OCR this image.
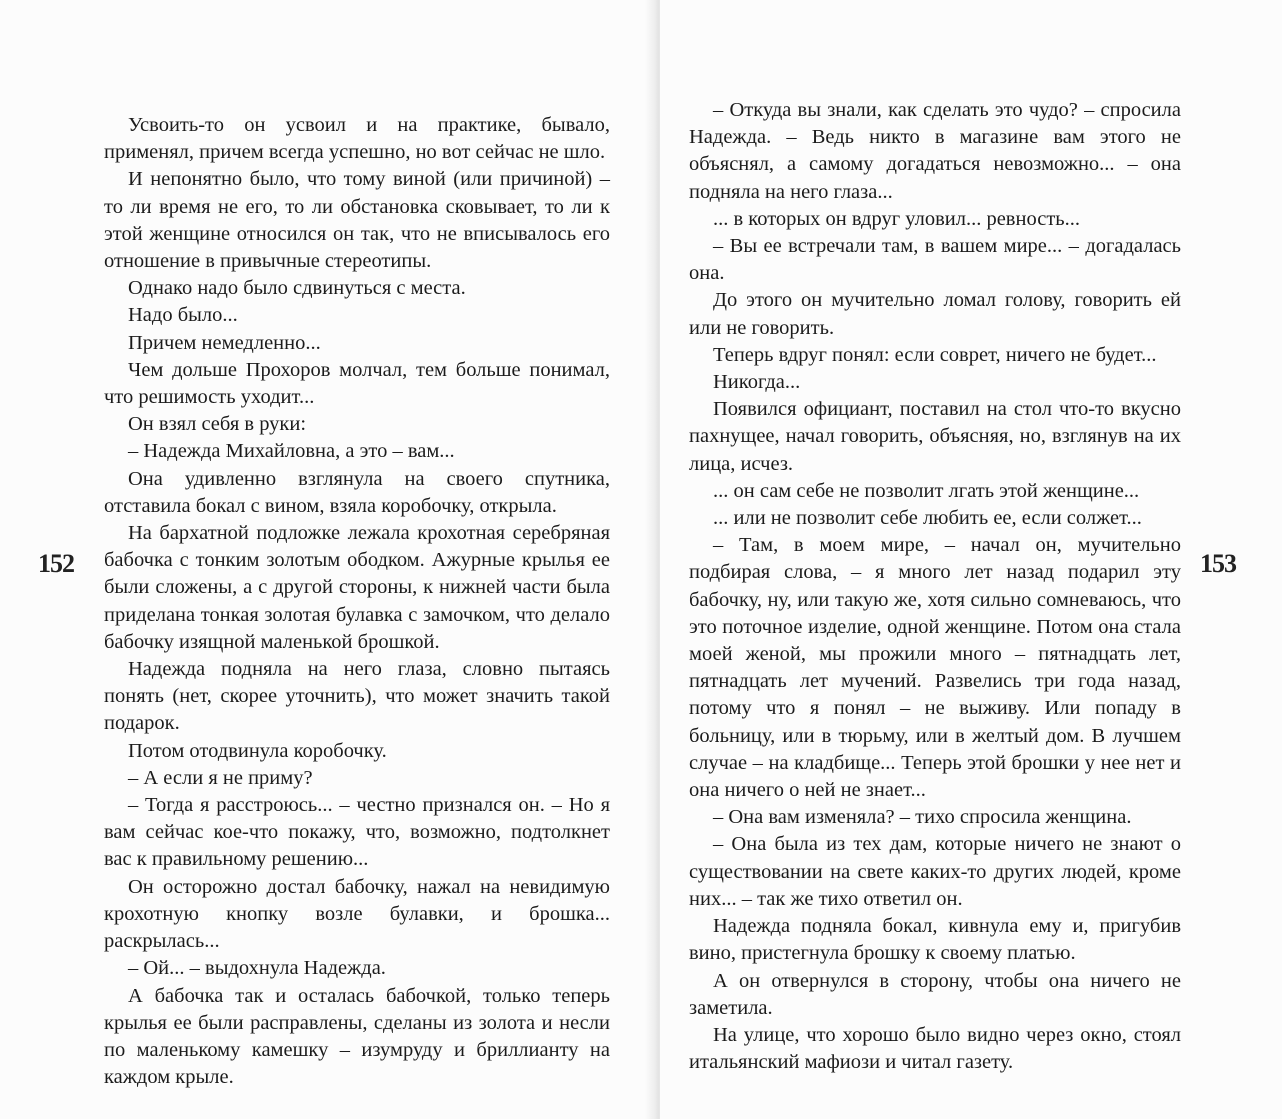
Усвоить-то он усвоил и на практике, бывало, применял, причем всегда успешно, но вот сейчас не шло.

И непонятно было, что тому виной (или причиной) – то ли время не его, то ли обстановка сковывает, то ли к этой женщине относился он так, что не вписывалось его отношение в привычные стереотипы.

Однако надо было сдвинуться с места.

Надо было...

Причем немедленно...

Чем дольше Прохоров молчал, тем больше понимал, что решимость уходит...

Он взял себя в руки:

– Надежда Михайловна, а это – вам...

Она удивленно взглянула на своего спутника, отставила бокал с вином, взяла коробочку, открыла.

На бархатной подложке лежала крохотная серебряная бабочка с тонким золотым ободком. Ажурные крылья ее были сложены, а с другой стороны, к нижней части была приделана тонкая золотая булавка с замочком, что делало бабочку изящной маленькой брошкой.

Надежда подняла на него глаза, словно пытаясь понять (нет, скорее уточнить), что может значить такой подарок.

Потом отодвинула коробочку.

– А если я не приму?

– Тогда я расстроюсь... – честно признался он. – Но я вам сейчас кое-что покажу, что, возможно, подтолкнет вас к правильному решению...

Он осторожно достал бабочку, нажал на невидимую крохотную кнопку возле булавки, и брошка... раскрылась...

– Ой... – выдохнула Надежда.

А бабочка так и осталась бабочкой, только теперь крылья ее были расправлены, сделаны из золота и несли по маленькому камешку – изумруду и бриллианту на каждом крыле.

152

– Откуда вы знали, как сделать это чудо? – спросила Надежда. – Ведь никто в магазине вам этого не объяснял, а самому догадаться невозможно... – она подняла на него глаза...

... в которых он вдруг уловил... ревность...

– Вы ее встречали там, в вашем мире... – догадалась она.

До этого он мучительно ломал голову, говорить ей или не говорить.

Теперь вдруг понял: если соврет, ничего не будет...

Никогда...

Появился официант, поставил на стол что-то вкусно пахнущее, начал говорить, объясняя, но, взглянув на их лица, исчез.

... он сам себе не позволит лгать этой женщине...

... или не позволит себе любить ее, если солжет...

– Там, в моем мире, – начал он, мучительно подбирая слова, – я много лет назад подарил эту бабочку, ну, или такую же, хотя сильно сомневаюсь, что это поточное изделие, одной женщине. Потом она стала моей женой, мы прожили много – пятнадцать лет, пятнадцать лет мучений. Развелись три года назад, потому что я понял – не выживу. Или попаду в больницу, или в тюрьму, или в желтый дом. В лучшем случае – на кладбище... Теперь этой брошки у нее нет и она ничего о ней не знает...

– Она вам изменяла? – тихо спросила женщина.

– Она была из тех дам, которые ничего не знают о существовании на свете каких-то других людей, кроме них... – так же тихо ответил он.

Надежда подняла бокал, кивнула ему и, пригубив вино, пристегнула брошку к своему платью.

А он отвернулся в сторону, чтобы она ничего не заметила.

На улице, что хорошо было видно через окно, стоял итальянский мафиози и читал газету.

153
